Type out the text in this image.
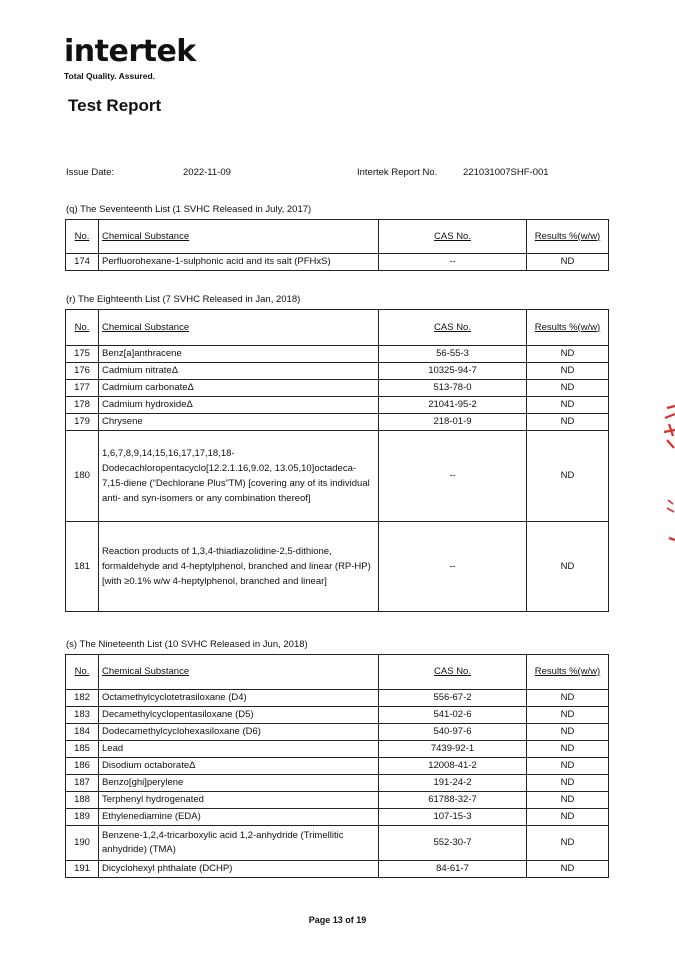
intertek
Total Quality. Assured.
Test Report
Issue Date:	2022-11-09	Intertek Report No.	221031007SHF-001
(q) The Seventeenth List (1 SVHC Released in July, 2017)
No.	Chemical Substance	CAS No.	Results %(w/w)
174	Perfluorohexane-1-sulphonic acid and its salt (PFHxS)	--	ND
(r) The Eighteenth List (7 SVHC Released in Jan, 2018)
No.	Chemical Substance	CAS No.	Results %(w/w)
175	Benz[a]anthracene	56-55-3	ND
176	Cadmium nitrateΔ	10325-94-7	ND
177	Cadmium carbonateΔ	513-78-0	ND
178	Cadmium hydroxideΔ	21041-95-2	ND
179	Chrysene	218-01-9	ND
180	1,6,7,8,9,14,15,16,17,17,18,18-Dodecachloropentacyclo[12.2.1.16,9.02, 13.05,10]octadeca-7,15-diene (“Dechlorane Plus”TM) [covering any of its individual anti- and syn-isomers or any combination thereof]	--	ND
181	Reaction products of 1,3,4-thiadiazolidine-2,5-dithione, formaldehyde and 4-heptylphenol, branched and linear (RP-HP) [with ≥0.1% w/w 4-heptylphenol, branched and linear]	--	ND
(s) The Nineteenth List (10 SVHC Released in Jun, 2018)
No.	Chemical Substance	CAS No.	Results %(w/w)
182	Octamethylcyclotetrasiloxane (D4)	556-67-2	ND
183	Decamethylcyclopentasiloxane (D5)	541-02-6	ND
184	Dodecamethylcyclohexasiloxane (D6)	540-97-6	ND
185	Lead	7439-92-1	ND
186	Disodium octaborateΔ	12008-41-2	ND
187	Benzo[ghi]perylene	191-24-2	ND
188	Terphenyl hydrogenated	61788-32-7	ND
189	Ethylenediamine (EDA)	107-15-3	ND
190	Benzene-1,2,4-tricarboxylic acid 1,2-anhydride (Trimellitic anhydride) (TMA)	552-30-7	ND
191	Dicyclohexyl phthalate (DCHP)	84-61-7	ND
Page 13 of 19
